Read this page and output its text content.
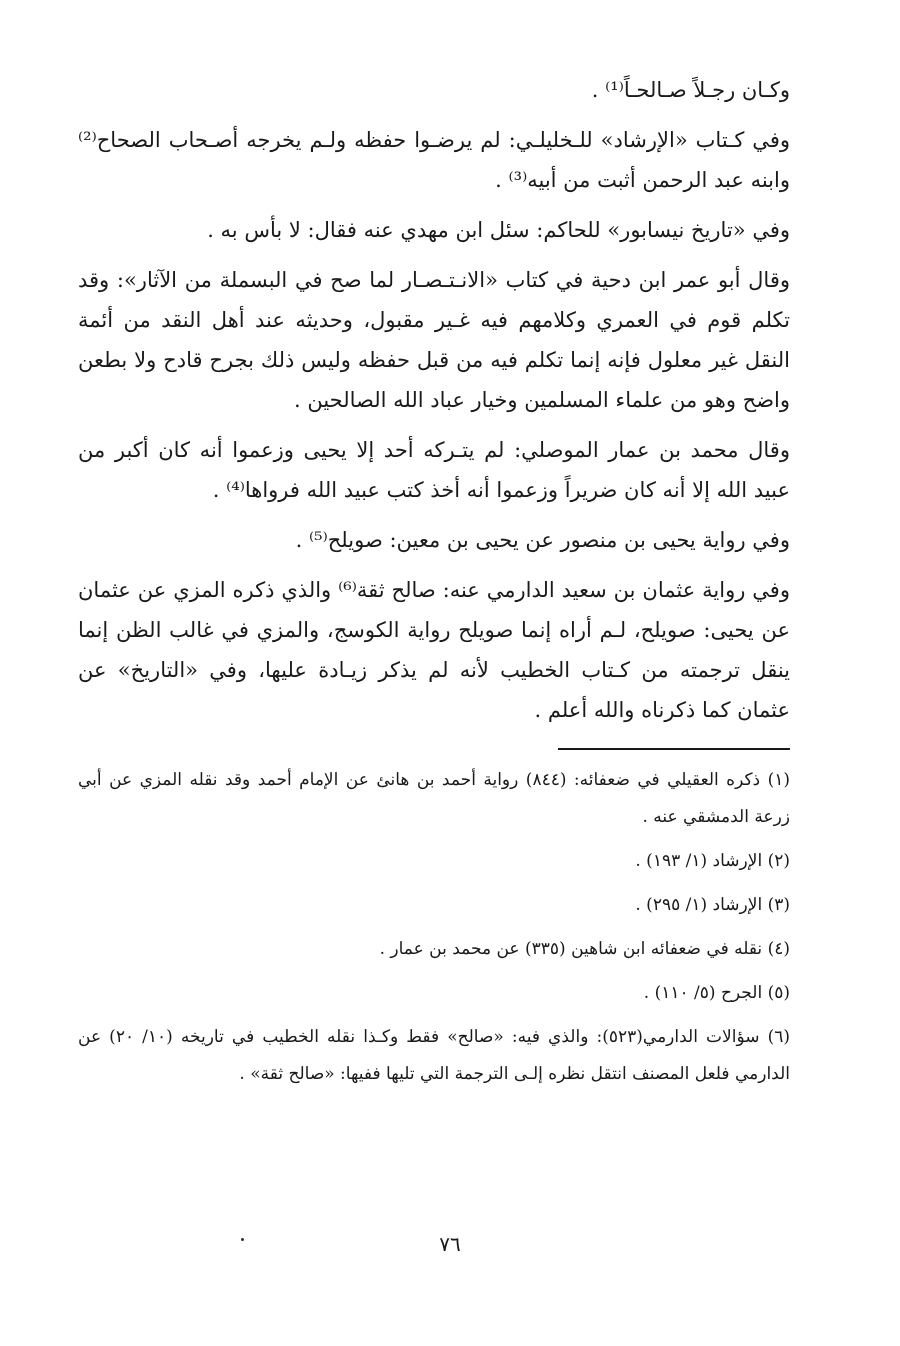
وكـان رجـلاً صـالحـاً⁽¹⁾ .

وفي كـتاب «الإرشاد» للـخليلـي: لم يرضـوا حفظه ولـم يخرجه أصـحاب الصحاح⁽²⁾ وابنه عبد الرحمن أثبت من أبيه⁽³⁾ .

وفي «تاريخ نيسابور» للحاكم: سئل ابن مهدي عنه فقال: لا بأس به .

وقال أبو عمر ابن دحية في كتاب «الانـتـصـار لما صح في البسملة من الآثار»: وقد تكلم قوم في العمري وكلامهم فيه غـير مقبول، وحديثه عند أهل النقد من أئمة النقل غير معلول فإنه إنما تكلم فيه من قبل حفظه وليس ذلك بجرح قادح ولا بطعن واضح وهو من علماء المسلمين وخيار عباد الله الصالحين .

وقال محمد بن عمار الموصلي: لم يتـركه أحد إلا يحيى وزعموا أنه كان أكبر من عبيد الله إلا أنه كان ضريراً وزعموا أنه أخذ كتب عبيد الله فرواها⁽⁴⁾ .

وفي رواية يحيى بن منصور عن يحيى بن معين: صويلح⁽⁵⁾ .

وفي رواية عثمان بن سعيد الدارمي عنه: صالح ثقة⁽⁶⁾ والذي ذكره المزي عن عثمان عن يحيى: صويلح، لـم أراه إنما صويلح رواية الكوسج، والمزي في غالب الظن إنما ينقل ترجمته من كـتاب الخطيب لأنه لم يذكر زيـادة عليها، وفي «التاريخ» عن عثمان كما ذكرناه والله أعلم .

(١) ذكره العقيلي في ضعفائه: (٨٤٤) رواية أحمد بن هانئ عن الإمام أحمد وقد نقله المزي عن أبي زرعة الدمشقي عنه .

(٢) الإرشاد (١/ ١٩٣) .

(٣) الإرشاد (١/ ٢٩٥) .

(٤) نقله في ضعفائه ابن شاهين (٣٣٥) عن محمد بن عمار .

(٥) الجرح (٥/ ١١٠) .

(٦) سؤالات الدارمي(٥٢٣): والذي فيه: «صالح» فقط وكـذا نقله الخطيب في تاريخه (١٠/ ٢٠) عن الدارمي فلعل المصنف انتقل نظره إلـى الترجمة التي تليها ففيها: «صالح ثقة» .

٧٦
